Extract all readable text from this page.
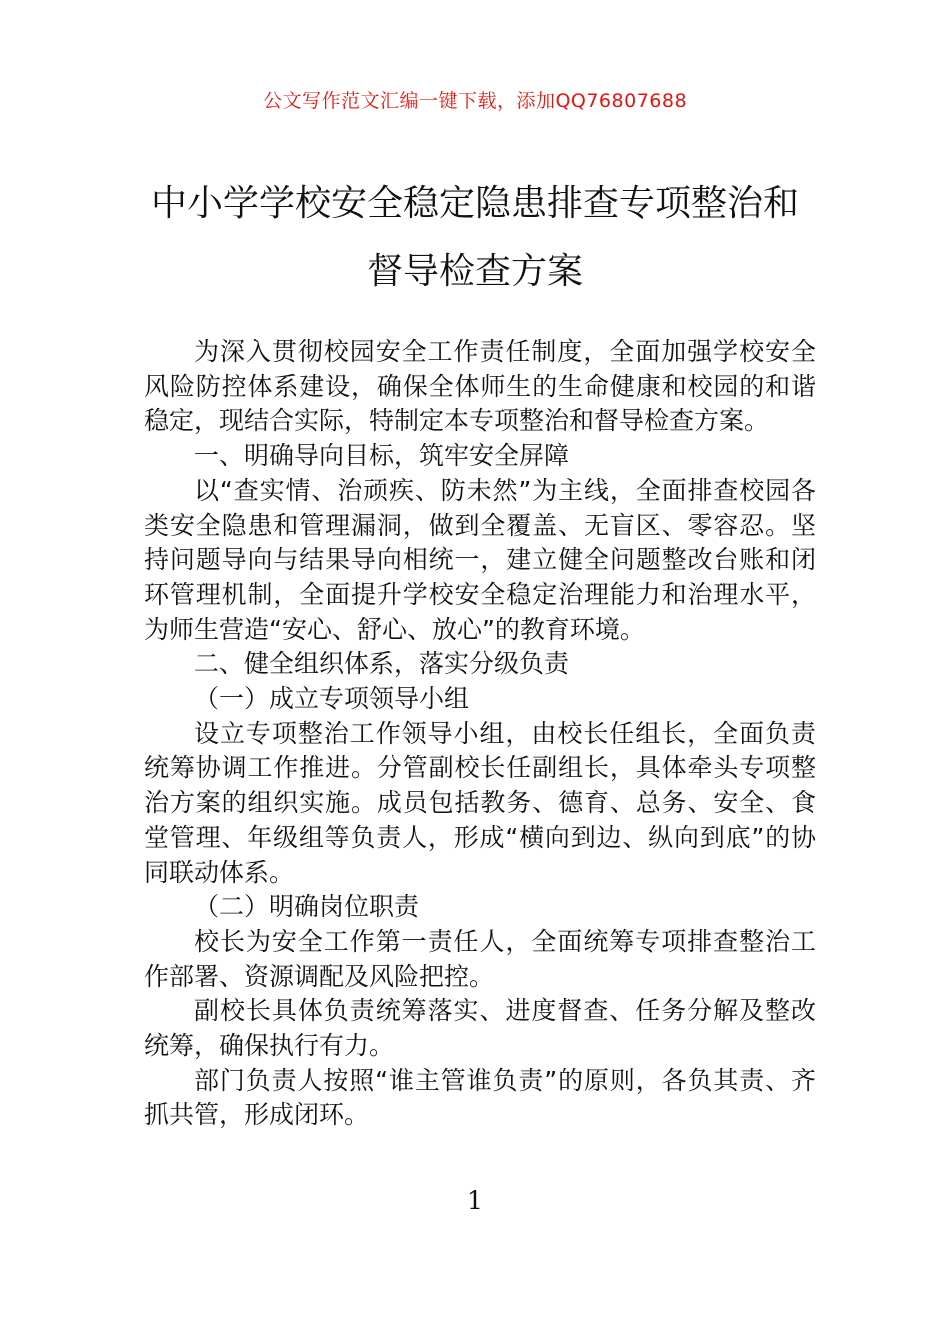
公文写作范文汇编一键下载，添加QQ76807688
中小学学校安全稳定隐患排查专项整治和
督导检查方案

为深入贯彻校园安全工作责任制度，全面加强学校安全风险防控体系建设，确保全体师生的生命健康和校园的和谐稳定，现结合实际，特制定本专项整治和督导检查方案。

一、明确导向目标，筑牢安全屏障

以“查实情、治顽疾、防未然”为主线，全面排查校园各类安全隐患和管理漏洞，做到全覆盖、无盲区、零容忍。坚持问题导向与结果导向相统一，建立健全问题整改台账和闭环管理机制，全面提升学校安全稳定治理能力和治理水平，为师生营造“安心、舒心、放心”的教育环境。

二、健全组织体系，落实分级负责

（一）成立专项领导小组

设立专项整治工作领导小组，由校长任组长，全面负责统筹协调工作推进。分管副校长任副组长，具体牵头专项整治方案的组织实施。成员包括教务、德育、总务、安全、食堂管理、年级组等负责人，形成“横向到边、纵向到底”的协同联动体系。

（二）明确岗位职责

校长为安全工作第一责任人，全面统筹专项排查整治工作部署、资源调配及风险把控。

副校长具体负责统筹落实、进度督查、任务分解及整改统筹，确保执行有力。

部门负责人按照“谁主管谁负责”的原则，各负其责、齐抓共管，形成闭环。

1
